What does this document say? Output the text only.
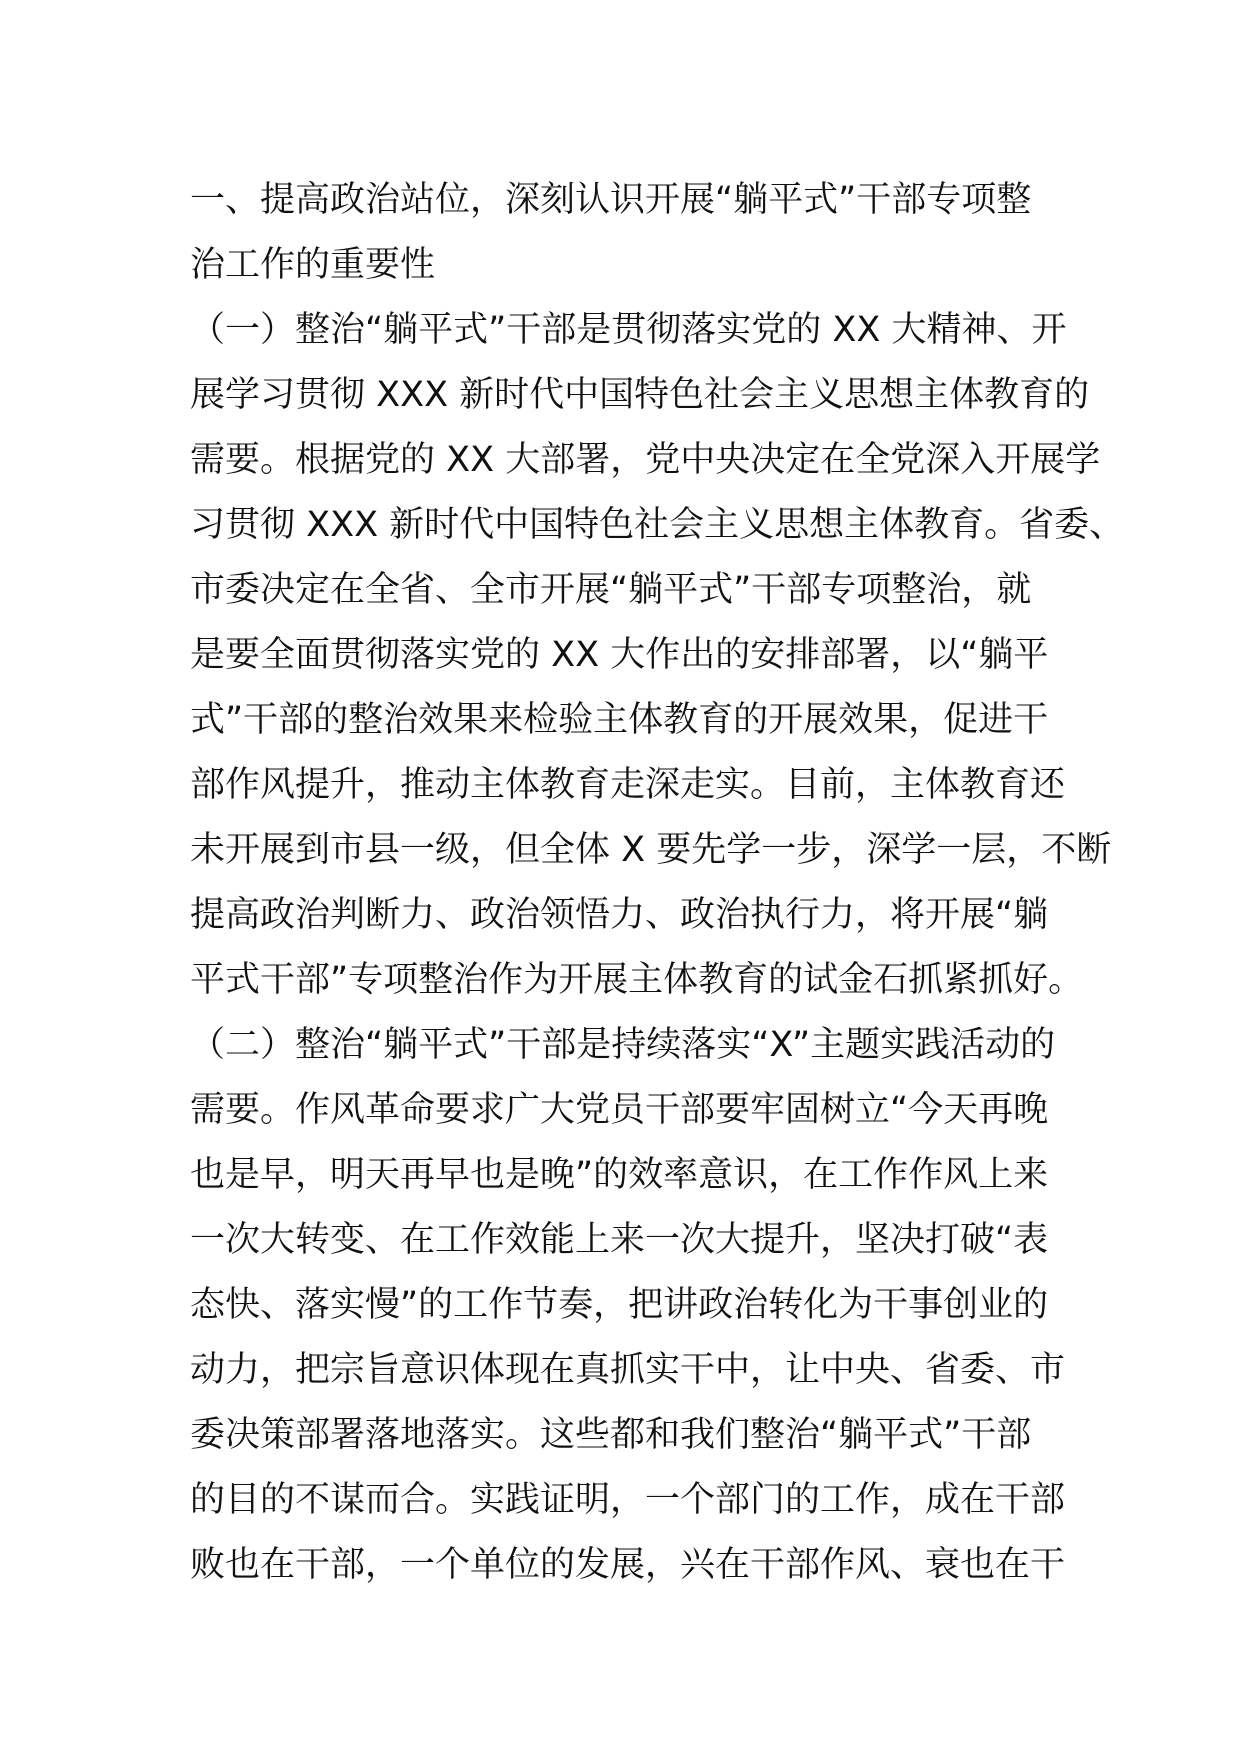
一、提高政治站位，深刻认识开展“躺平式”干部专项整
治工作的重要性
（一）整治“躺平式”干部是贯彻落实党的 XX 大精神、开
展学习贯彻 XXX 新时代中国特色社会主义思想主体教育的
需要。根据党的 XX 大部署，党中央决定在全党深入开展学
习贯彻 XXX 新时代中国特色社会主义思想主体教育。省委、
市委决定在全省、全市开展“躺平式”干部专项整治，就
是要全面贯彻落实党的 XX 大作出的安排部署，以“躺平
式”干部的整治效果来检验主体教育的开展效果，促进干
部作风提升，推动主体教育走深走实。目前，主体教育还
未开展到市县一级，但全体 X 要先学一步，深学一层，不断
提高政治判断力、政治领悟力、政治执行力，将开展“躺
平式干部”专项整治作为开展主体教育的试金石抓紧抓好。
（二）整治“躺平式”干部是持续落实“X”主题实践活动的
需要。作风革命要求广大党员干部要牢固树立“今天再晚
也是早，明天再早也是晚”的效率意识，在工作作风上来
一次大转变、在工作效能上来一次大提升，坚决打破“表
态快、落实慢”的工作节奏，把讲政治转化为干事创业的
动力，把宗旨意识体现在真抓实干中，让中央、省委、市
委决策部署落地落实。这些都和我们整治“躺平式”干部
的目的不谋而合。实践证明，一个部门的工作，成在干部
败也在干部，一个单位的发展，兴在干部作风、衰也在干
